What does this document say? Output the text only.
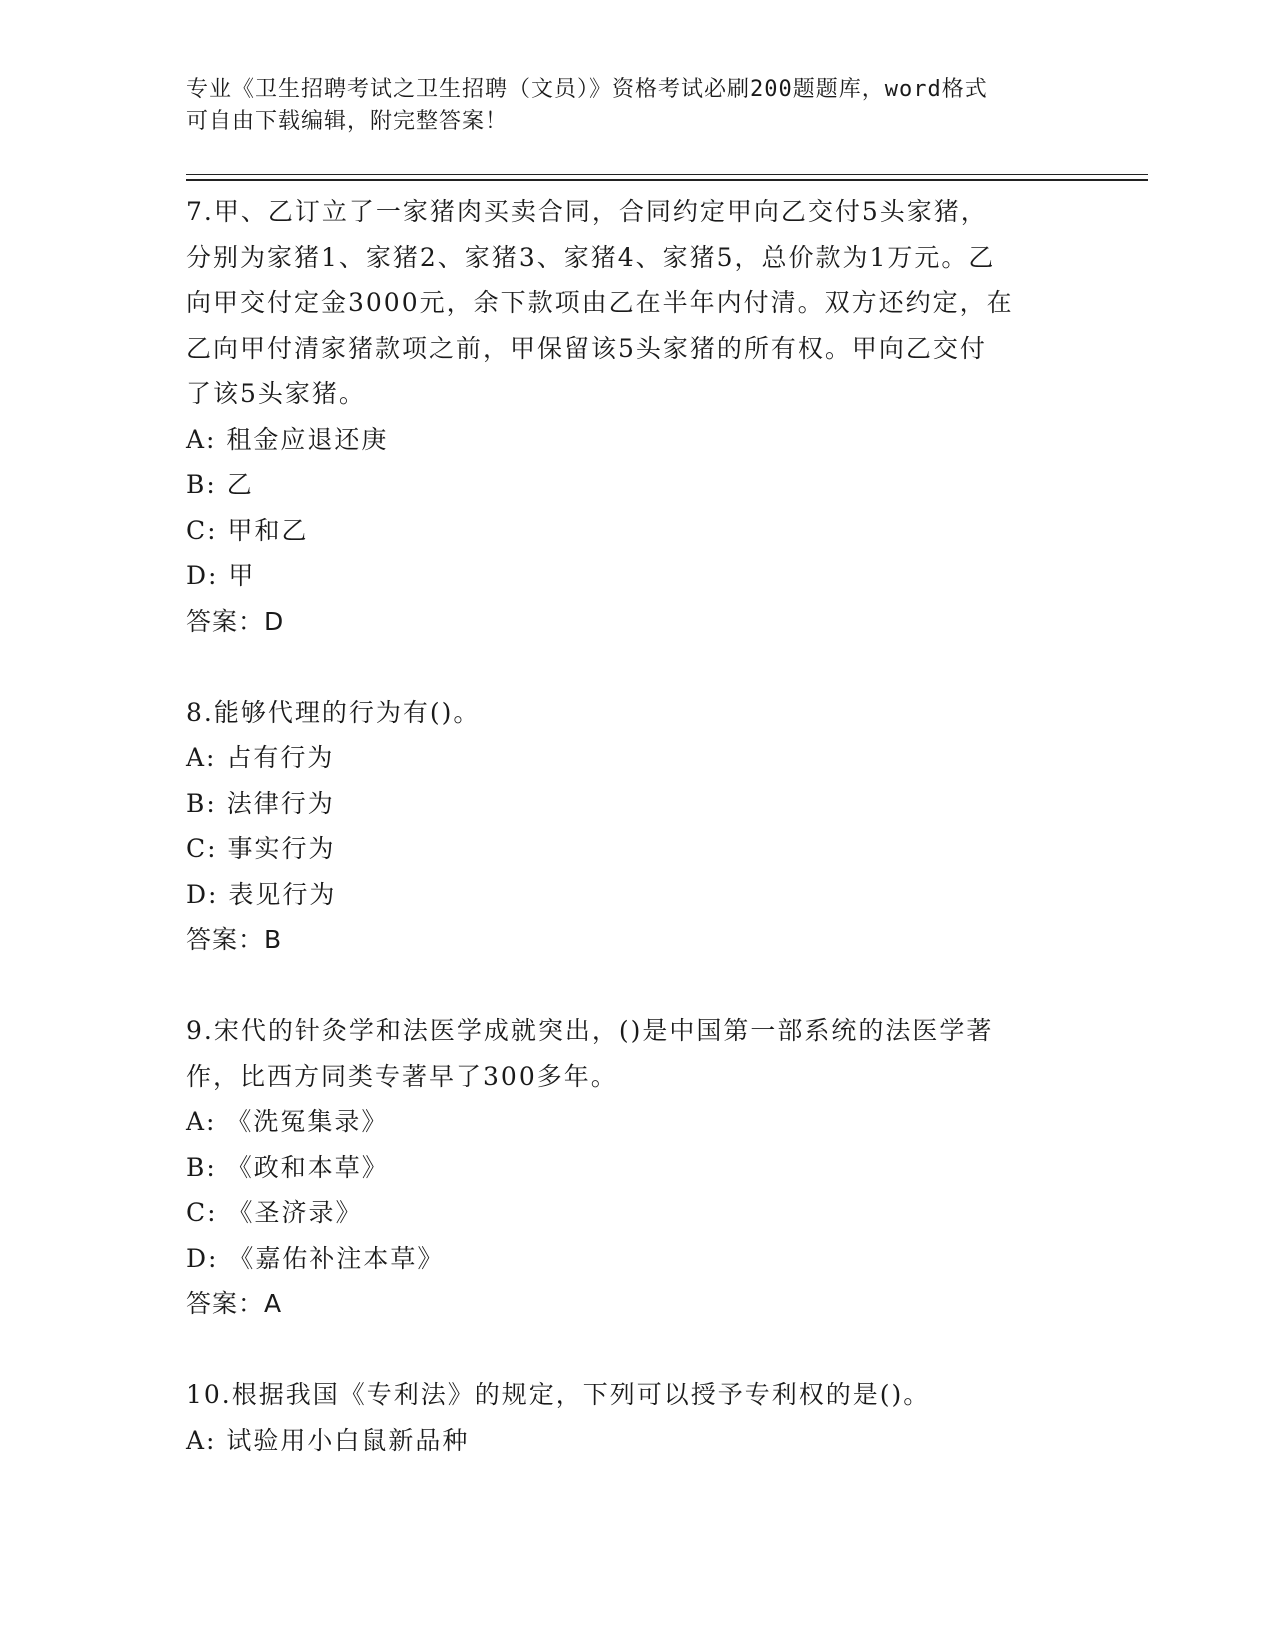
专业《卫生招聘考试之卫生招聘（文员）》资格考试必刷200题题库，word格式
可自由下载编辑，附完整答案！
7.甲、乙订立了一家猪肉买卖合同，合同约定甲向乙交付5头家猪，
分别为家猪1、家猪2、家猪3、家猪4、家猪5，总价款为1万元。乙
向甲交付定金3000元，余下款项由乙在半年内付清。双方还约定，在
乙向甲付清家猪款项之前，甲保留该5头家猪的所有权。甲向乙交付
了该5头家猪。
A: 租金应退还庚
B: 乙
C: 甲和乙
D: 甲
答案：D
8.能够代理的行为有()。
A: 占有行为
B: 法律行为
C: 事实行为
D: 表见行为
答案：B
9.宋代的针灸学和法医学成就突出，()是中国第一部系统的法医学著
作，比西方同类专著早了300多年。
A: 《洗冤集录》
B: 《政和本草》
C: 《圣济录》
D: 《嘉佑补注本草》
答案：A
10.根据我国《专利法》的规定，下列可以授予专利权的是()。
A: 试验用小白鼠新品种
